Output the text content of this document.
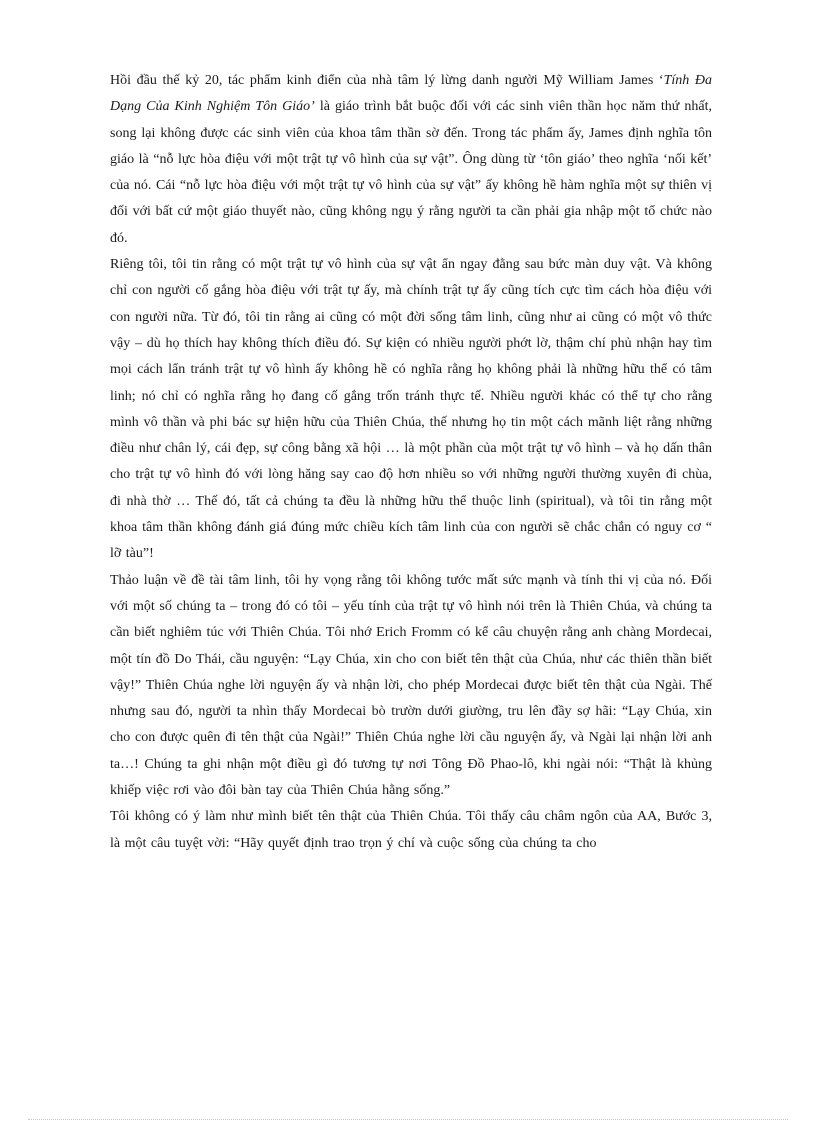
Hồi đầu thế kỷ 20, tác phẩm kinh điển của nhà tâm lý lừng danh người Mỹ William James ‘Tính Đa Dạng Của Kinh Nghiệm Tôn Giáo’ là giáo trình bắt buộc đối với các sinh viên thần học năm thứ nhất, song lại không được các sinh viên của khoa tâm thần sờ đến. Trong tác phẩm ấy, James định nghĩa tôn giáo là “nỗ lực hòa điệu với một trật tự vô hình của sự vật”. Ông dùng từ ‘tôn giáo’ theo nghĩa ‘nối kết’ của nó. Cái “nỗ lực hòa điệu với một trật tự vô hình của sự vật” ấy không hề hàm nghĩa một sự thiên vị đối với bất cứ một giáo thuyết nào, cũng không ngụ ý rằng người ta cần phải gia nhập một tổ chức nào đó.

Riêng tôi, tôi tin rằng có một trật tự vô hình của sự vật ẩn ngay đằng sau bức màn duy vật. Và không chỉ con người cố gắng hòa điệu với trật tự ấy, mà chính trật tự ấy cũng tích cực tìm cách hòa điệu với con người nữa. Từ đó, tôi tin rằng ai cũng có một đời sống tâm linh, cũng như ai cũng có một vô thức vậy – dù họ thích hay không thích điều đó. Sự kiện có nhiều người phớt lờ, thậm chí phủ nhận hay tìm mọi cách lẩn tránh trật tự vô hình ấy không hề có nghĩa rằng họ không phải là những hữu thể có tâm linh; nó chỉ có nghĩa rằng họ đang cố gắng trốn tránh thực tế. Nhiều người khác có thể tự cho rằng mình vô thần và phi bác sự hiện hữu của Thiên Chúa, thế nhưng họ tin một cách mãnh liệt rằng những điều như chân lý, cái đẹp, sự công bằng xã hội … là một phần của một trật tự vô hình – và họ dấn thân cho trật tự vô hình đó với lòng hăng say cao độ hơn nhiều so với những người thường xuyên đi chùa, đi nhà thờ … Thế đó, tất cả chúng ta đều là những hữu thể thuộc linh (spiritual), và tôi tin rằng một khoa tâm thần không đánh giá đúng mức chiều kích tâm linh của con người sẽ chắc chắn có nguy cơ “ lỡ tàu”!

Thảo luận về đề tài tâm linh, tôi hy vọng rằng tôi không tước mất sức mạnh và tính thi vị của nó. Đối với một số chúng ta – trong đó có tôi – yếu tính của trật tự vô hình nói trên là Thiên Chúa, và chúng ta cần biết nghiêm túc với Thiên Chúa. Tôi nhớ Erich Fromm có kể câu chuyện rằng anh chàng Mordecai, một tín đồ Do Thái, cầu nguyện: “Lạy Chúa, xin cho con biết tên thật của Chúa, như các thiên thần biết vậy!” Thiên Chúa nghe lời nguyện ấy và nhận lời, cho phép Mordecai được biết tên thật của Ngài. Thế nhưng sau đó, người ta nhìn thấy Mordecai bò trườn dưới giường, tru lên đầy sợ hãi: “Lạy Chúa, xin cho con được quên đi tên thật của Ngài!” Thiên Chúa nghe lời cầu nguyện ấy, và Ngài lại nhận lời anh ta…! Chúng ta ghi nhận một điều gì đó tương tự nơi Tông Đồ Phao-lô, khi ngài nói: “Thật là khủng khiếp việc rơi vào đôi bàn tay của Thiên Chúa hằng sống.”

Tôi không có ý làm như mình biết tên thật của Thiên Chúa. Tôi thấy câu châm ngôn của AA, Bước 3, là một câu tuyệt vời: “Hãy quyết định trao trọn ý chí và cuộc sống của chúng ta cho
